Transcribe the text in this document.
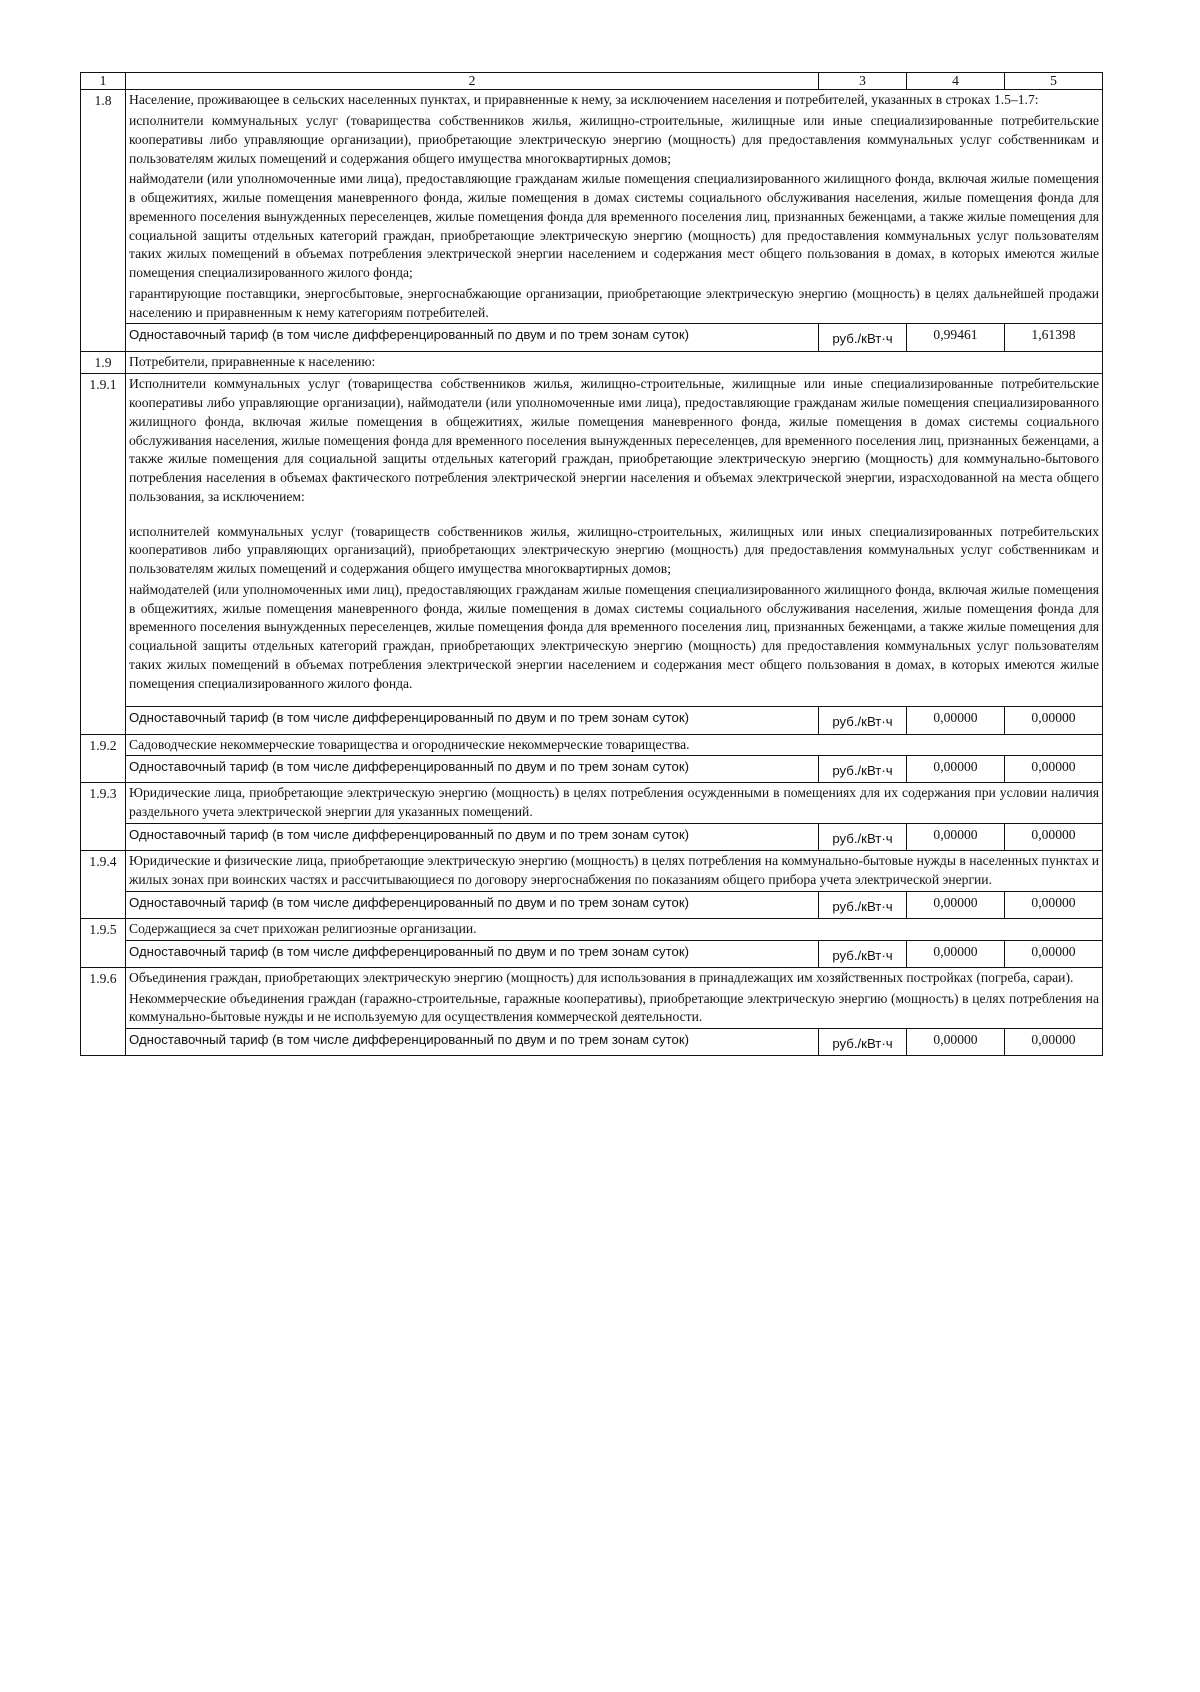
1	2	3	4	5
1.8	Население, проживающее в сельских населенных пунктах, и приравненные к нему, за исключением населения и потребителей, указанных в строках 1.5–1.7:

исполнители коммунальных услуг (товарищества собственников жилья, жилищно-строительные, жилищные или иные специализированные потребительские кооперативы либо управляющие организации), приобретающие электрическую энергию (мощность) для предоставления коммунальных услуг собственникам и пользователям жилых помещений и содержания общего имущества многоквартирных домов;

наймодатели (или уполномоченные ими лица), предоставляющие гражданам жилые помещения специализированного жилищного фонда, включая жилые помещения в общежитиях, жилые помещения маневренного фонда, жилые помещения в домах системы социального обслуживания населения, жилые помещения фонда для временного поселения вынужденных переселенцев, жилые помещения фонда для временного поселения лиц, признанных беженцами, а также жилые помещения для социальной защиты отдельных категорий граждан, приобретающие электрическую энергию (мощность) для предоставления коммунальных услуг пользователям таких жилых помещений в объемах потребления электрической энергии населением и содержания мест общего пользования в домах, в которых имеются жилые помещения специализированного жилого фонда;

гарантирующие поставщики, энергосбытовые, энергоснабжающие организации, приобретающие электрическую энергию (мощность) в целях дальнейшей продажи населению и приравненным к нему категориям потребителей.			

	Одноставочный тариф (в том числе дифференцированный по двум и по трем зонам суток)	руб./кВт·ч	0,99461	1,61398
1.9	Потребители, приравненные к населению:			
1.9.1	Исполнители коммунальных услуг (товарищества собственников жилья, жилищно-строительные, жилищные или иные специализированные потребительские кооперативы либо управляющие организации), наймодатели (или уполномоченные ими лица), предоставляющие гражданам жилые помещения специализированного жилищного фонда, включая жилые помещения в общежитиях, жилые помещения маневренного фонда, жилые помещения в домах системы социального обслуживания населения, жилые помещения фонда для временного поселения вынужденных переселенцев, для временного поселения лиц, признанных беженцами, а также жилые помещения для социальной защиты отдельных категорий граждан, приобретающие электрическую энергию (мощность) для коммунально-бытового потребления населения в объемах фактического потребления электрической энергии населения и объемах электрической энергии, израсходованной на места общего пользования, за исключением:

исполнителей коммунальных услуг (товариществ собственников жилья, жилищно-строительных, жилищных или иных специализированных потребительских кооперативов либо управляющих организаций), приобретающих электрическую энергию (мощность) для предоставления коммунальных услуг собственникам и пользователям жилых помещений и содержания общего имущества многоквартирных домов;

наймодателей (или уполномоченных ими лиц), предоставляющих гражданам жилые помещения специализированного жилищного фонда, включая жилые помещения в общежитиях, жилые помещения маневренного фонда, жилые помещения в домах системы социального обслуживания населения, жилые помещения фонда для временного поселения вынужденных переселенцев, жилые помещения фонда для временного поселения лиц, признанных беженцами, а также жилые помещения для социальной защиты отдельных категорий граждан, приобретающих электрическую энергию (мощность) для предоставления коммунальных услуг пользователям таких жилых помещений в объемах потребления электрической энергии населением и содержания мест общего пользования в домах, в которых имеются жилые помещения специализированного жилого фонда.			

	Одноставочный тариф (в том числе дифференцированный по двум и по трем зонам суток)	руб./кВт·ч	0,00000	0,00000
1.9.2	Садоводческие некоммерческие товарищества и огороднические некоммерческие товарищества.			
	Одноставочный тариф (в том числе дифференцированный по двум и по трем зонам суток)	руб./кВт·ч	0,00000	0,00000
1.9.3	Юридические лица, приобретающие электрическую энергию (мощность) в целях потребления осужденными в помещениях для их содержания при условии наличия раздельного учета электрической энергии для указанных помещений.			
	Одноставочный тариф (в том числе дифференцированный по двум и по трем зонам суток)	руб./кВт·ч	0,00000	0,00000
1.9.4	Юридические и физические лица, приобретающие электрическую энергию (мощность) в целях потребления на коммунально-бытовые нужды в населенных пунктах и жилых зонах при воинских частях и рассчитывающиеся по договору энергоснабжения по показаниям общего прибора учета электрической энергии.			
	Одноставочный тариф (в том числе дифференцированный по двум и по трем зонам суток)	руб./кВт·ч	0,00000	0,00000
1.9.5	Содержащиеся за счет прихожан религиозные организации.			
	Одноставочный тариф (в том числе дифференцированный по двум и по трем зонам суток)	руб./кВт·ч	0,00000	0,00000
1.9.6	Объединения граждан, приобретающих электрическую энергию (мощность) для использования в принадлежащих им хозяйственных постройках (погреба, сараи).

Некоммерческие объединения граждан (гаражно-строительные, гаражные кооперативы), приобретающие электрическую энергию (мощность) в целях потребления на коммунально-бытовые нужды и не используемую для осуществления коммерческой деятельности.			

	Одноставочный тариф (в том числе дифференцированный по двум и по трем зонам суток)	руб./кВт·ч	0,00000	0,00000
